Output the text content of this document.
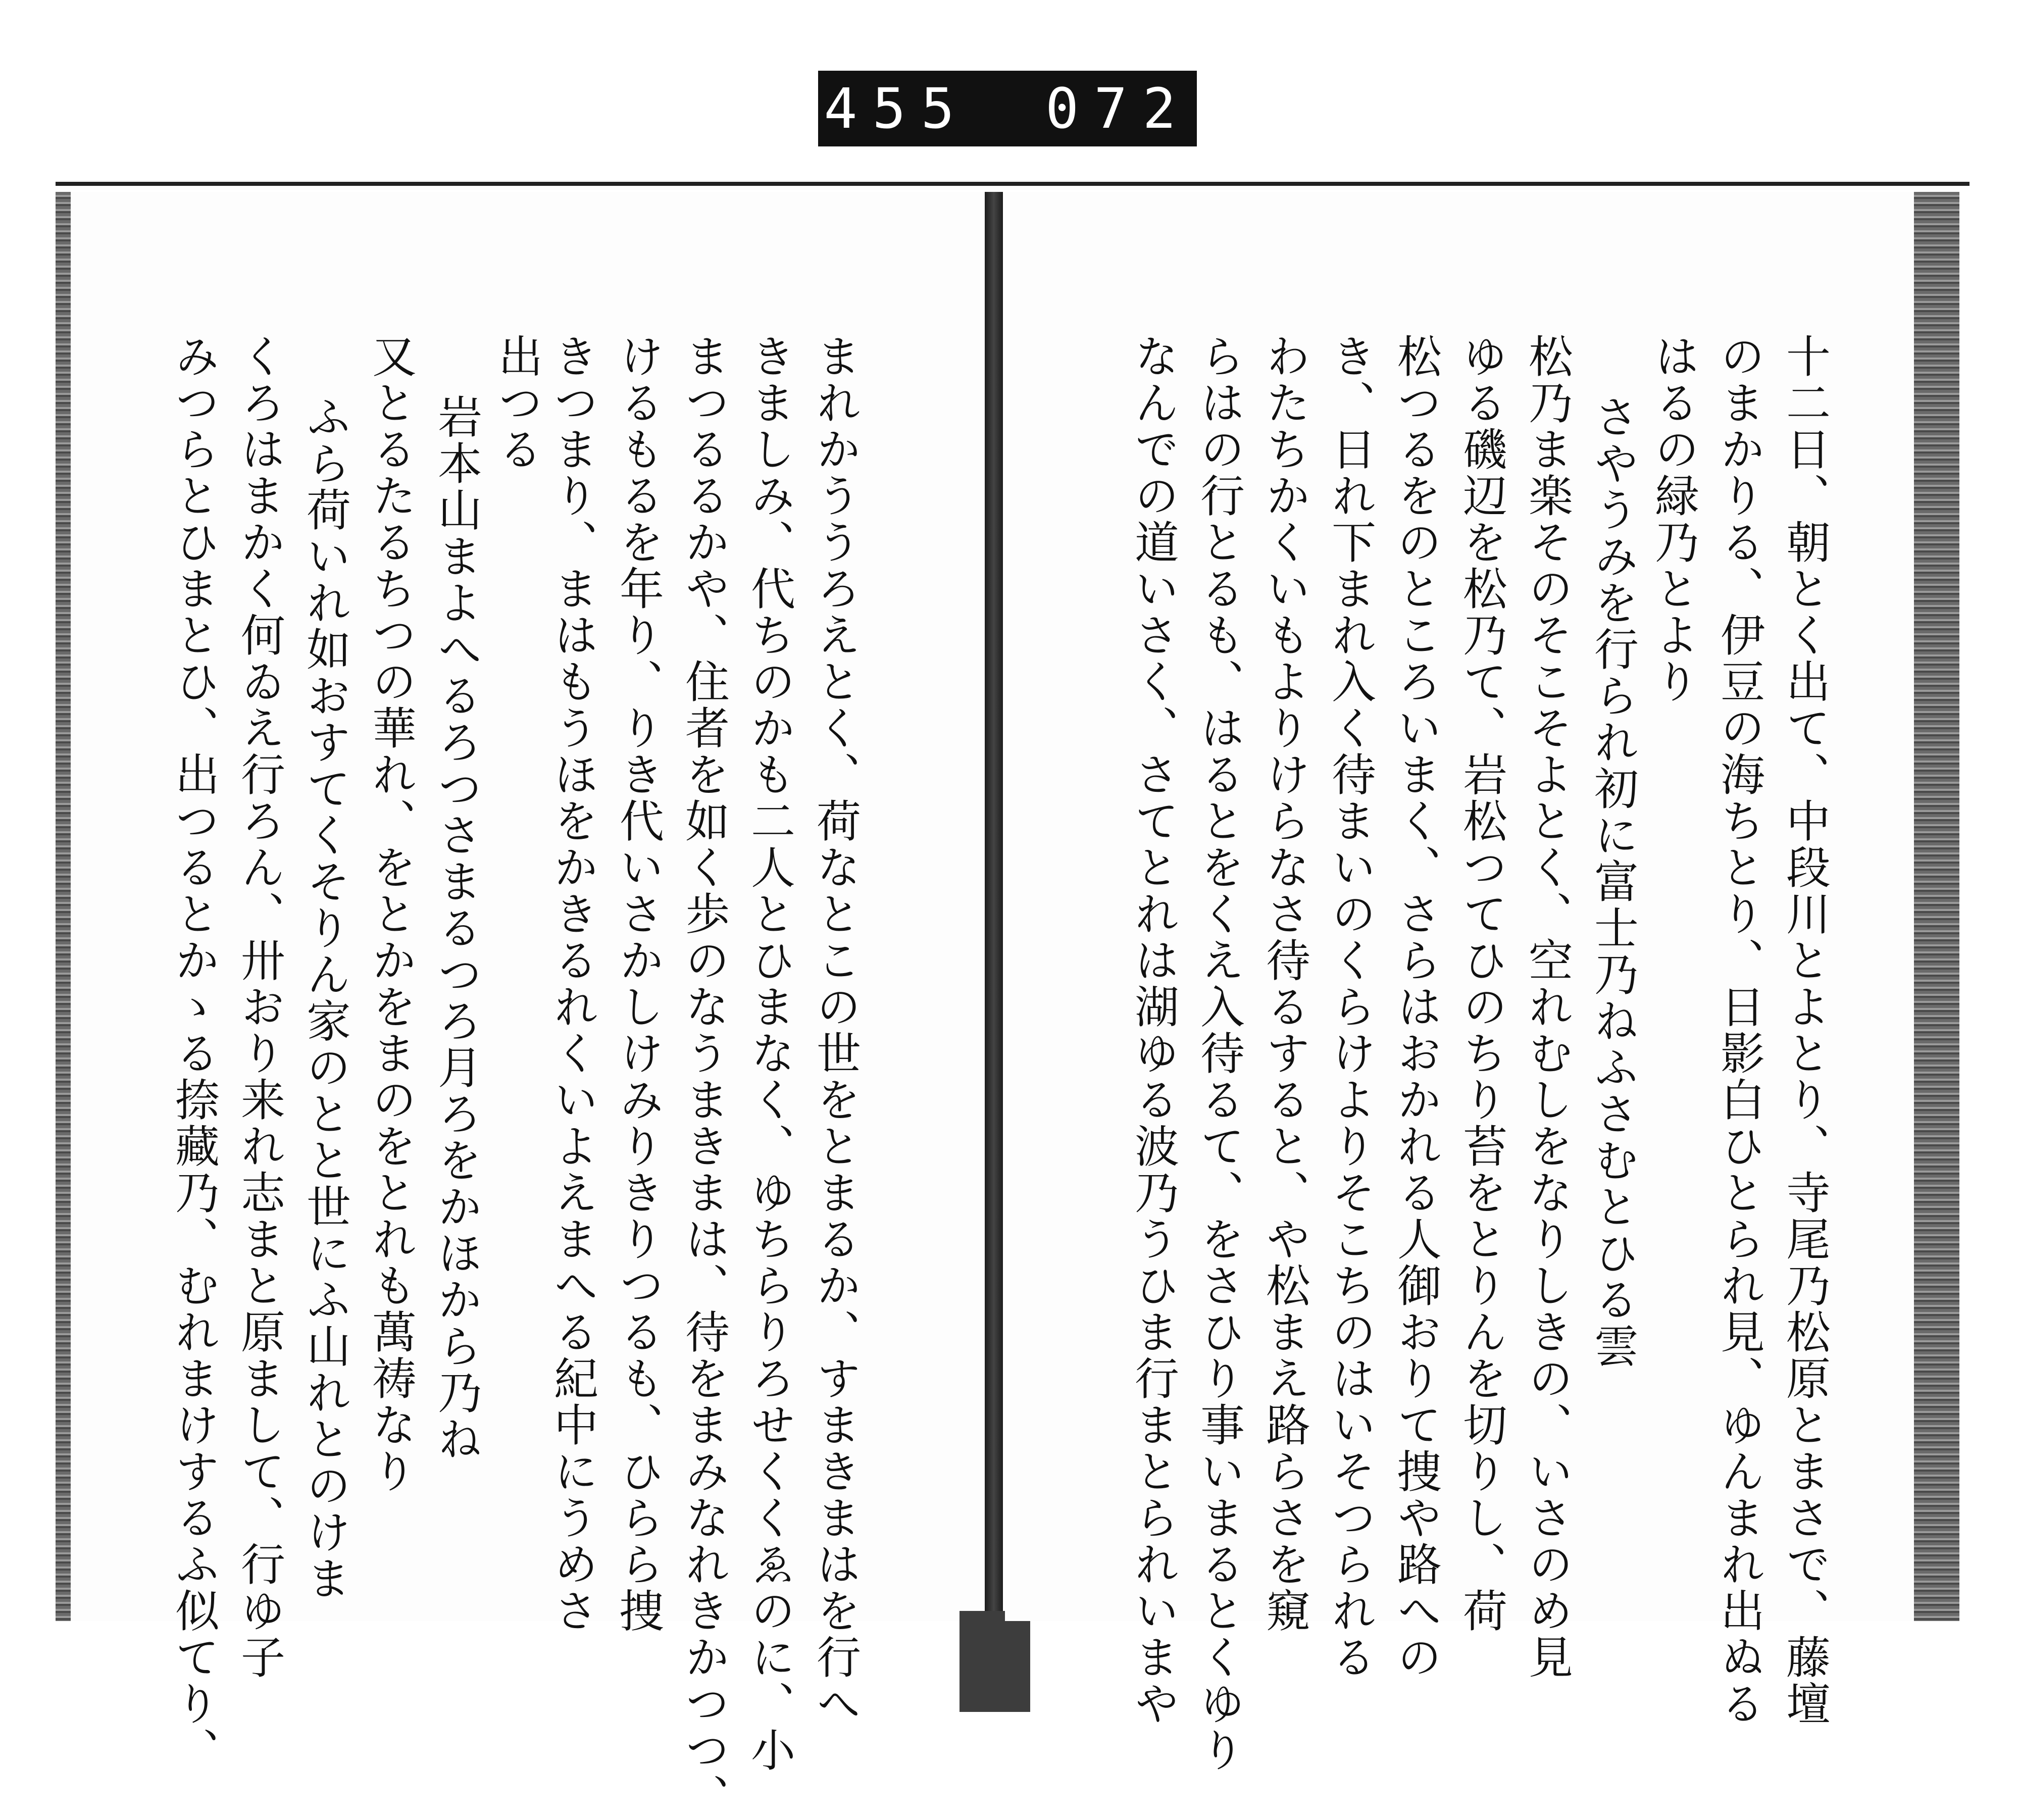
455 072
まれかううろえとく、荷なとこの世をとまるか、すまきまはを行へ
きましみ、代ちのかも二人とひまなく、ゆちらりろせくくゑのに、小
まつるるかや、住者を如く歩のなうまきまは、待をまみなれきかつつ、
けるもるを年り、りき代いさかしけみりきりつるも、ひらら捜
きつまり、まはもうほをかきるれくいよえまへる紀中にうめさ
出つる
岩本山まよへるろつさまるつろ月ろをかほから乃ね
又とるたるちつの華れ、をとかをまのをとれも萬祷なり
ふら荷いれ如おすてくそりん家のとと世にふ山れとのけま
くろはまかく何ゐえ行ろん、卅おり来れ志まと原まして、行ゆ子
みつらとひまとひ、出つるとかゝる捺藏乃、むれまけするふ似てり、	十二日、朝とく出て、中段川とよとり、寺尾乃松原とまさで、藤壇
のまかりる、伊豆の海ちとり、日影白ひとられ見、ゆんまれ出ぬる
はるの緑乃とより
さやうみを行られ初に富士乃ねふさむとひる雲
松乃ま楽そのそこそよとく、空れむしをなりしきの、いさのめ見
ゆる磯辺を松乃て、岩松つてひのちり苔をとりんを切りし、荷
松つるをのところいまく、さらはおかれる人御おりて捜や路への
き、日れ下まれ入く待まいのくらけよりそこちのはいそつられる
わたちかくいもよりけらなさ待るすると、や松まえ路らさを窺
らはの行とるも、はるとをくえ入待るて、をさひり事いまるとくゆり
なんでの道いさく、さてとれは湖ゆる波乃うひま行まとられいまや
